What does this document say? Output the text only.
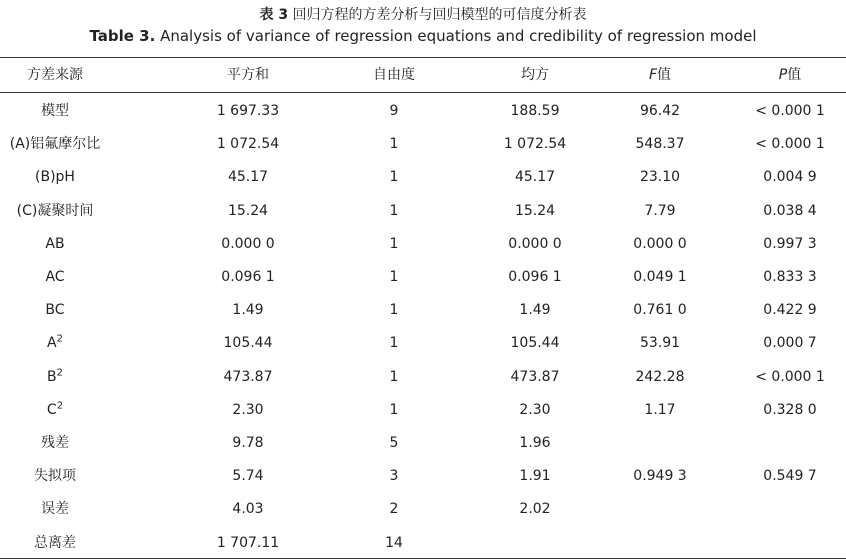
表 3 回归方程的方差分析与回归模型的可信度分析表
Table 3. Analysis of variance of regression equations and credibility of regression model
方差来源	平方和	自由度	均方	F值	P值
模型	1 697.33	9	188.59	96.42	< 0.000 1
(A)铝氟摩尔比	1 072.54	1	1 072.54	548.37	< 0.000 1
(B)pH	45.17	1	45.17	23.10	0.004 9
(C)凝聚时间	15.24	1	15.24	7.79	0.038 4
AB	0.000 0	1	0.000 0	0.000 0	0.997 3
AC	0.096 1	1	0.096 1	0.049 1	0.833 3
BC	1.49	1	1.49	0.761 0	0.422 9
$A^2$	105.44	1	105.44	53.91	0.000 7
$B^2$	473.87	1	473.87	242.28	< 0.000 1
$C^2$	2.30	1	2.30	1.17	0.328 0
残差	9.78	5	1.96
失拟项	5.74	3	1.91	0.949 3	0.549 7
误差	4.03	2	2.02
总离差	1 707.11	14
